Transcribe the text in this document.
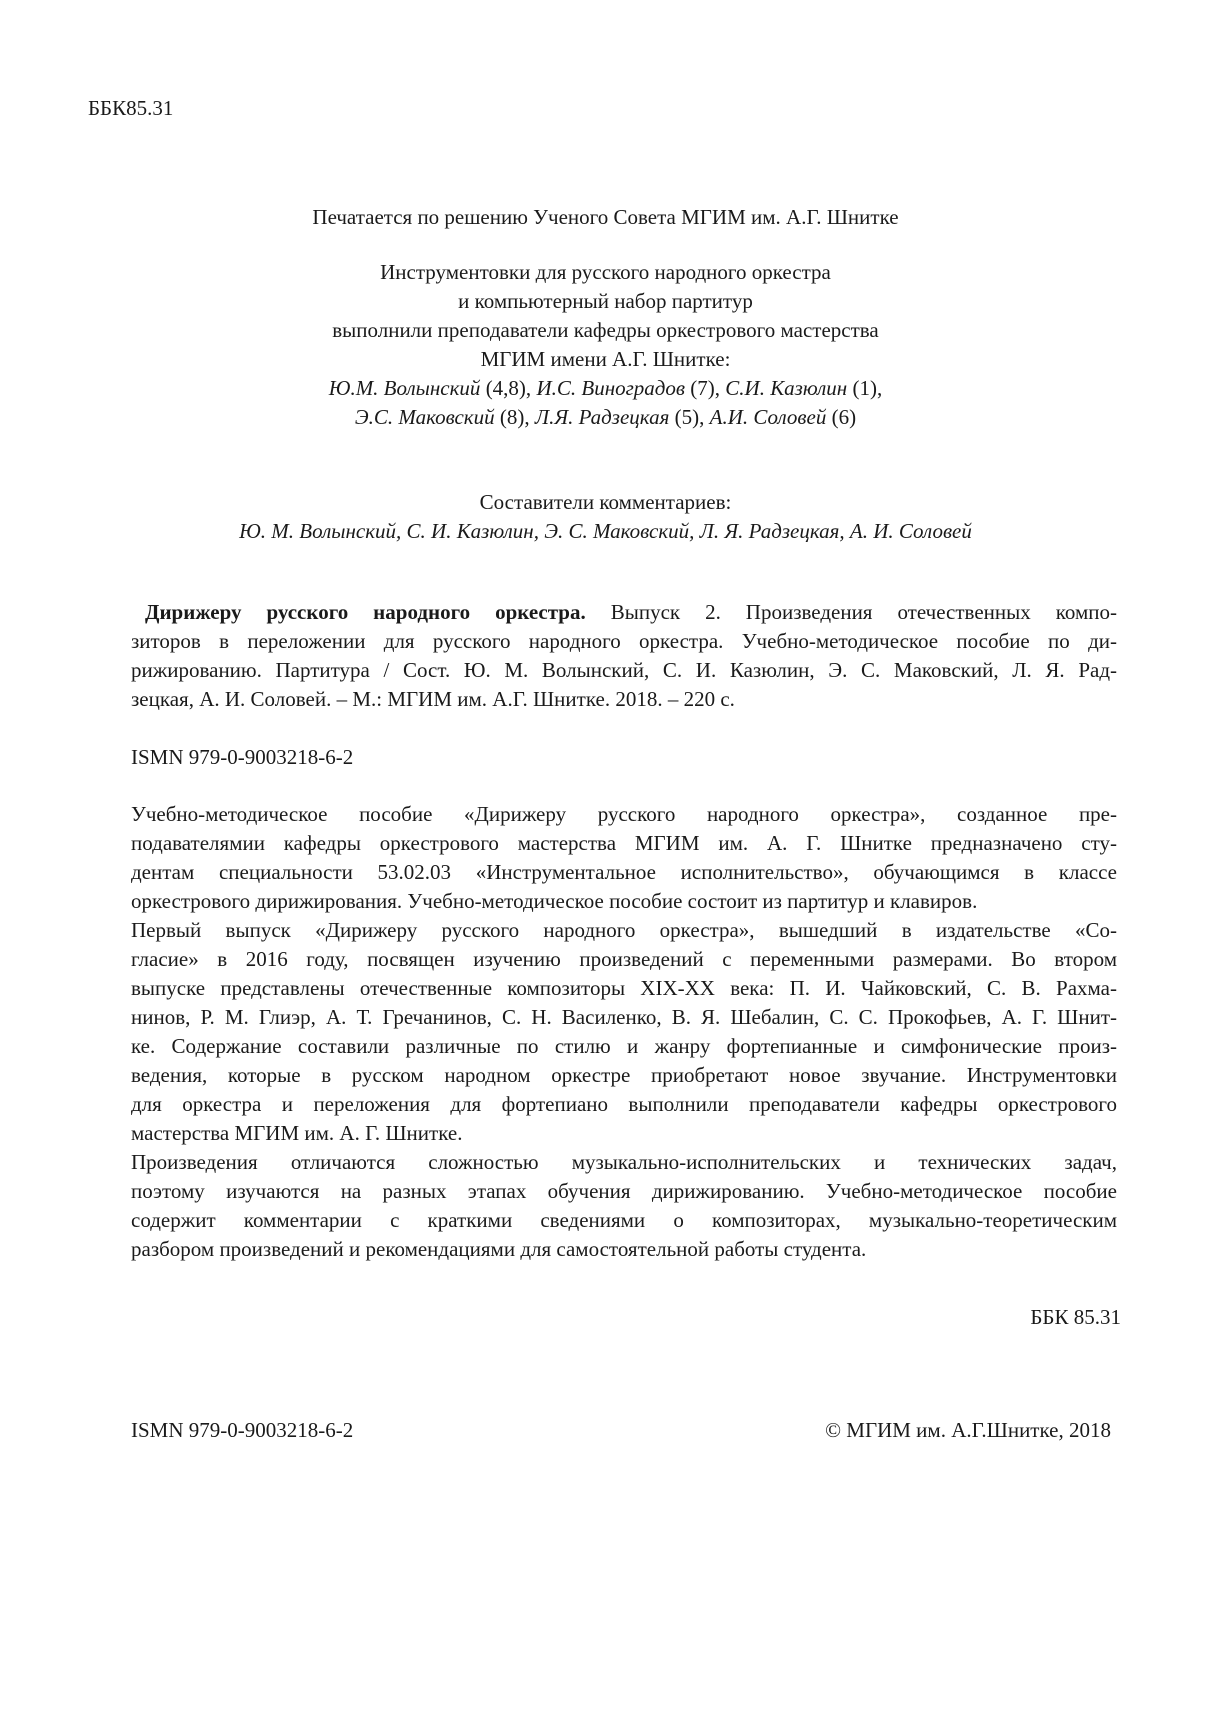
ББК85.31
Печатается по решению Ученого Совета МГИМ им. А.Г. Шнитке
Инструментовки для русского народного оркестра
и компьютерный набор партитур
выполнили преподаватели кафедры оркестрового мастерства
МГИМ имени А.Г. Шнитке:
Ю.М. Волынский (4,8), И.С. Виноградов (7), С.И. Казюлин (1),
Э.С. Маковский (8), Л.Я. Радзецкая (5), А.И. Соловей (6)
Составители комментариев:
Ю. М. Волынский, С. И. Казюлин, Э. С. Маковский, Л. Я. Радзецкая, А. И. Соловей
Дирижеру русского народного оркестра. Выпуск 2. Произведения отечественных компо-
зиторов в переложении для русского народного оркестра. Учебно-методическое пособие по ди-
рижированию. Партитура / Сост. Ю. М. Волынский, С. И. Казюлин, Э. С. Маковский, Л. Я. Рад-
зецкая, А. И. Соловей. – М.: МГИМ им. А.Г. Шнитке. 2018. – 220 с.
ISMN 979-0-9003218-6-2
Учебно-методическое пособие «Дирижеру русского народного оркестра», созданное пре-
подавателямии кафедры оркестрового мастерства МГИМ им. А. Г. Шнитке предназначено сту-
дентам специальности 53.02.03 «Инструментальное исполнительство», обучающимся в классе
оркестрового дирижирования. Учебно-методическое пособие состоит из партитур и клавиров.
Первый выпуск «Дирижеру русского народного оркестра», вышедший в издательстве «Со-
гласие» в 2016 году, посвящен изучению произведений с переменными размерами. Во втором
выпуске представлены отечественные композиторы XIX-XX века: П. И. Чайковский, С. В. Рахма-
нинов, Р. М. Глиэр, А. Т. Гречанинов, С. Н. Василенко, В. Я. Шебалин, С. С. Прокофьев, А. Г. Шнит-
ке. Содержание составили различные по стилю и жанру фортепианные и симфонические произ-
ведения, которые в русском народном оркестре приобретают новое звучание. Инструментовки
для оркестра и переложения для фортепиано выполнили преподаватели кафедры оркестрового
мастерства МГИМ им. А. Г. Шнитке.
Произведения отличаются сложностью музыкально-исполнительских и технических задач,
поэтому изучаются на разных этапах обучения дирижированию. Учебно-методическое пособие
содержит комментарии с краткими сведениями о композиторах, музыкально-теоретическим
разбором произведений и рекомендациями для самостоятельной работы студента.
ББК 85.31
ISMN 979-0-9003218-6-2	© МГИМ им. А.Г.Шнитке, 2018
